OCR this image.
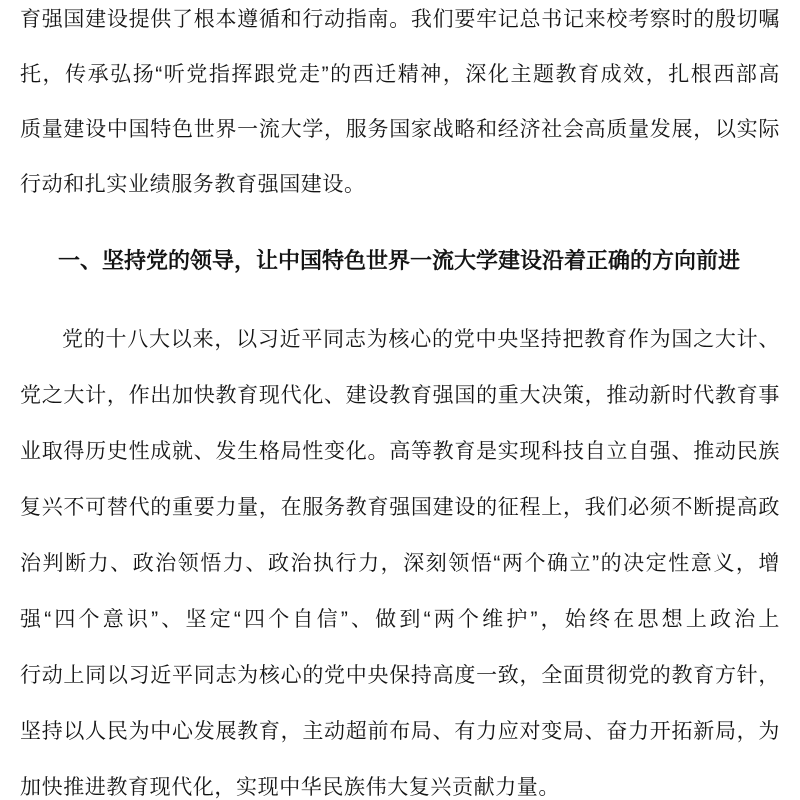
育强国建设提供了根本遵循和行动指南。我们要牢记总书记来校考察时的殷切嘱
托，传承弘扬“听党指挥跟党走”的西迁精神，深化主题教育成效，扎根西部高
质量建设中国特色世界一流大学，服务国家战略和经济社会高质量发展，以实际
行动和扎实业绩服务教育强国建设。
一、坚持党的领导，让中国特色世界一流大学建设沿着正确的方向前进
党的十八大以来，以习近平同志为核心的党中央坚持把教育作为国之大计、
党之大计，作出加快教育现代化、建设教育强国的重大决策，推动新时代教育事
业取得历史性成就、发生格局性变化。高等教育是实现科技自立自强、推动民族
复兴不可替代的重要力量，在服务教育强国建设的征程上，我们必须不断提高政
治判断力、政治领悟力、政治执行力，深刻领悟“两个确立”的决定性意义，增
强“四个意识”、坚定“四个自信”、做到“两个维护”，始终在思想上政治上
行动上同以习近平同志为核心的党中央保持高度一致，全面贯彻党的教育方针，
坚持以人民为中心发展教育，主动超前布局、有力应对变局、奋力开拓新局，为
加快推进教育现代化，实现中华民族伟大复兴贡献力量。
